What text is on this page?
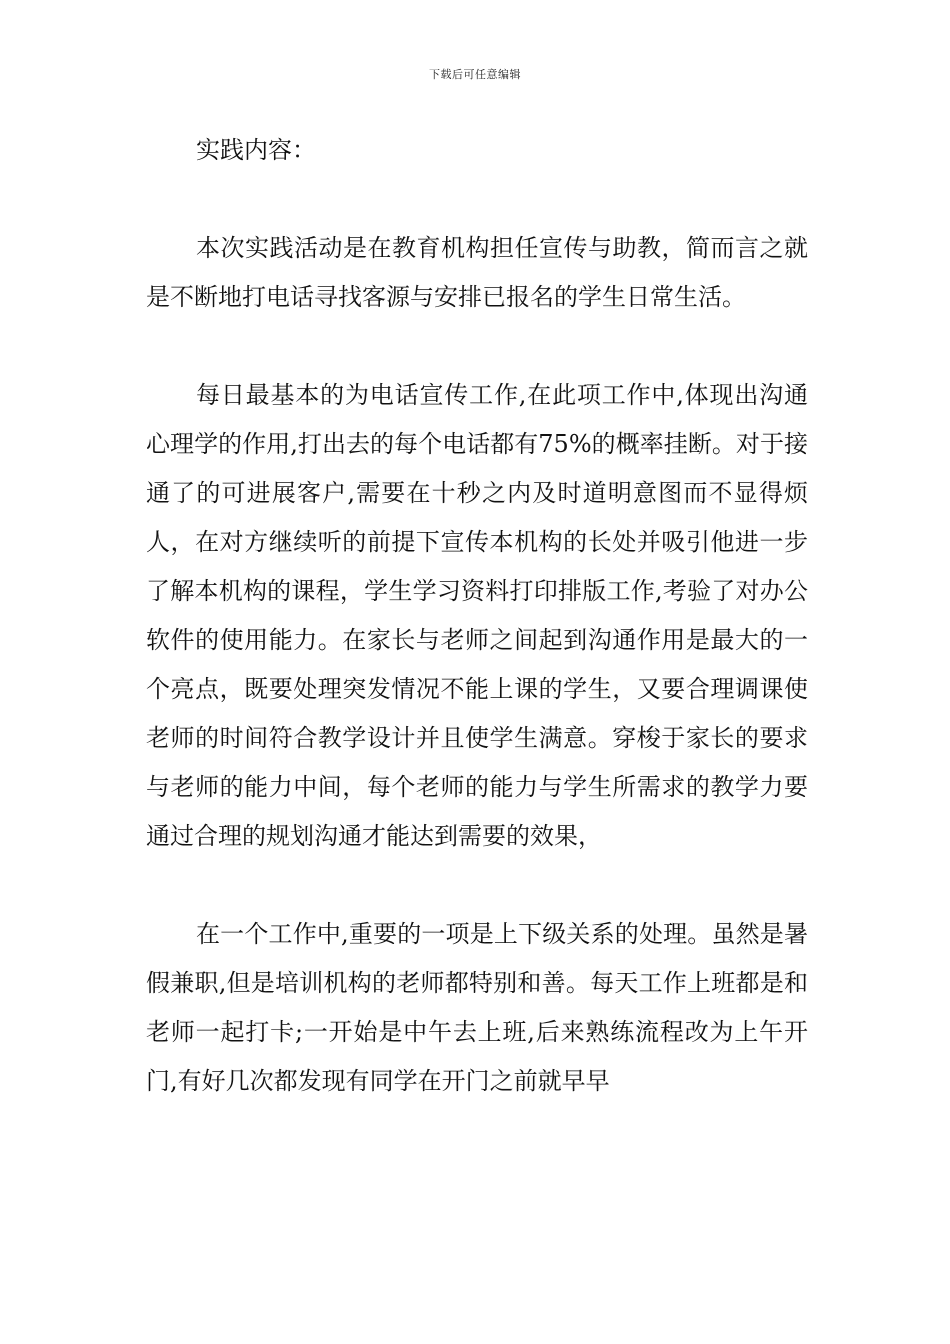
下载后可任意编辑

实践内容：

本次实践活动是在教育机构担任宣传与助教，简而言之就是不断地打电话寻找客源与安排已报名的学生日常生活。

每日最基本的为电话宣传工作,在此项工作中,体现出沟通心理学的作用,打出去的每个电话都有75%的概率挂断。对于接通了的可进展客户,需要在十秒之内及时道明意图而不显得烦人，在对方继续听的前提下宣传本机构的长处并吸引他进一步了解本机构的课程，学生学习资料打印排版工作,考验了对办公软件的使用能力。在家长与老师之间起到沟通作用是最大的一个亮点，既要处理突发情况不能上课的学生，又要合理调课使老师的时间符合教学设计并且使学生满意。穿梭于家长的要求与老师的能力中间，每个老师的能力与学生所需求的教学力要通过合理的规划沟通才能达到需要的效果，

在一个工作中,重要的一项是上下级关系的处理。虽然是暑假兼职,但是培训机构的老师都特别和善。每天工作上班都是和老师一起打卡;一开始是中午去上班,后来熟练流程改为上午开门,有好几次都发现有同学在开门之前就早早
